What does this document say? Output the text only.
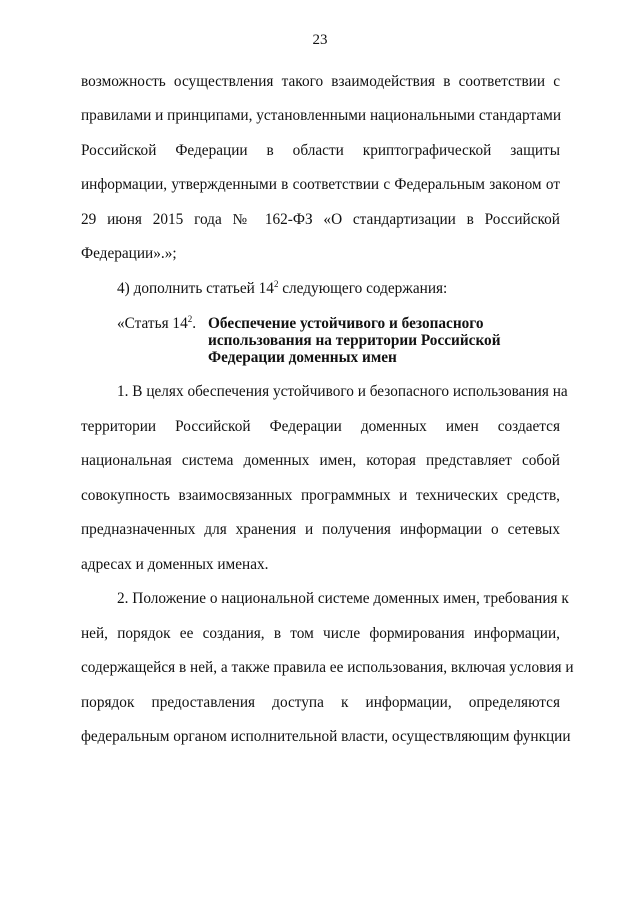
23
возможность осуществления такого взаимодействия в соответствии с
правилами и принципами, установленными национальными стандартами
Российской Федерации в области криптографической защиты
информации, утвержденными в соответствии с Федеральным законом от
29 июня 2015 года № 162-ФЗ «О стандартизации в Российской
Федерации».»;
4) дополнить статьей $14^2$ следующего содержания:
«Статья $14^2$. Обеспечение устойчивого и безопасного
использования на территории Российской
Федерации доменных имен
1. В целях обеспечения устойчивого и безопасного использования на
территории Российской Федерации доменных имен создается
национальная система доменных имен, которая представляет собой
совокупность взаимосвязанных программных и технических средств,
предназначенных для хранения и получения информации о сетевых
адресах и доменных именах.
2. Положение о национальной системе доменных имен, требования к
ней, порядок ее создания, в том числе формирования информации,
содержащейся в ней, а также правила ее использования, включая условия и
порядок предоставления доступа к информации, определяются
федеральным органом исполнительной власти, осуществляющим функции
